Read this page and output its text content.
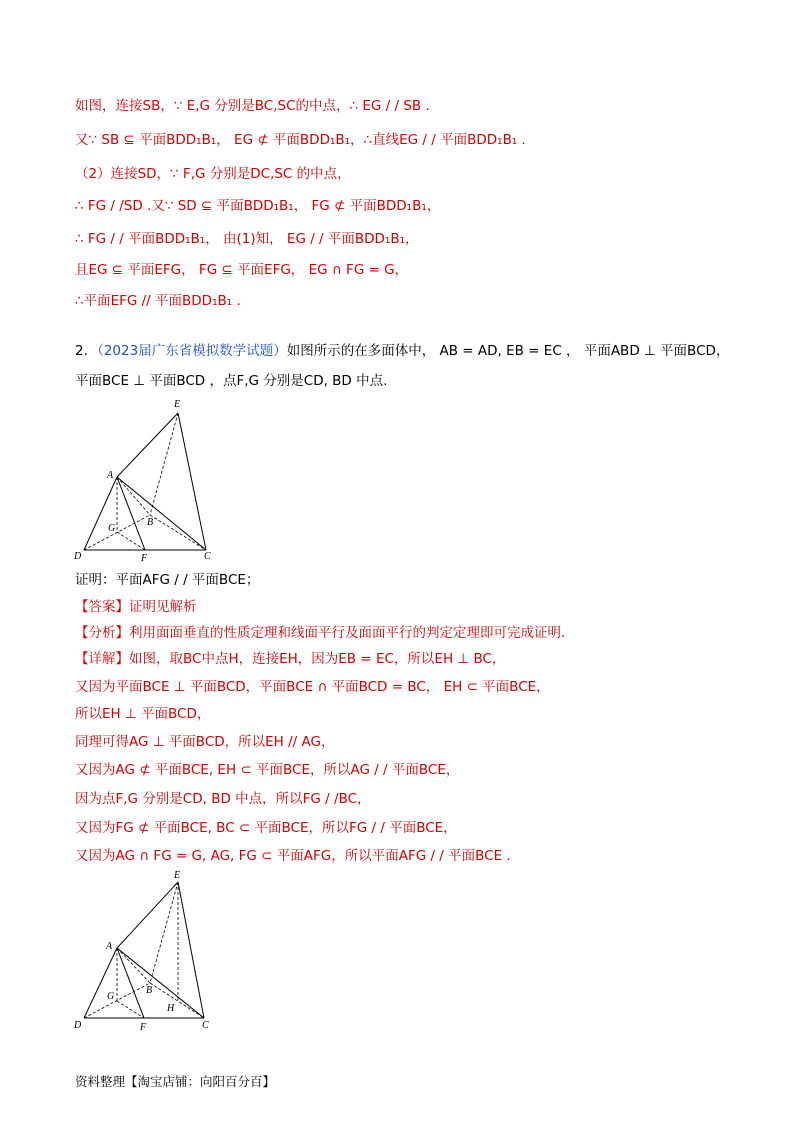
如图，连接SB，∵ E,G 分别是BC,SC的中点，∴ EG / / SB .
又∵ SB ⊆ 平面BDD₁B₁， EG ⊄ 平面BDD₁B₁，∴直线EG / / 平面BDD₁B₁ .
（2）连接SD，∵ F,G 分别是DC,SC 的中点，
∴ FG / /SD .又∵ SD ⊆ 平面BDD₁B₁， FG ⊄ 平面BDD₁B₁，
∴ FG / / 平面BDD₁B₁， 由(1)知， EG / / 平面BDD₁B₁，
且EG ⊆ 平面EFG， FG ⊆ 平面EFG， EG ∩ FG = G，
∴平面EFG // 平面BDD₁B₁ .
2．（2023届广东省模拟数学试题）如图所示的在多面体中， AB = AD, EB = EC ， 平面ABD ⊥ 平面BCD，
平面BCE ⊥ 平面BCD ，点F,G 分别是CD, BD 中点.
E
A
G
B
D	F	C
证明：平面AFG / / 平面BCE；
【答案】证明见解析
【分析】利用面面垂直的性质定理和线面平行及面面平行的判定定理即可完成证明.
【详解】如图，取BC中点H，连接EH，因为EB = EC，所以EH ⊥ BC，
又因为平面BCE ⊥ 平面BCD，平面BCE ∩ 平面BCD = BC， EH ⊂ 平面BCE，
所以EH ⊥ 平面BCD，
同理可得AG ⊥ 平面BCD，所以EH // AG，
又因为AG ⊄ 平面BCE, EH ⊂ 平面BCE，所以AG / / 平面BCE，
因为点F,G 分别是CD, BD 中点，所以FG / /BC，
又因为FG ⊄ 平面BCE, BC ⊂ 平面BCE，所以FG / / 平面BCE，
又因为AG ∩ FG = G, AG, FG ⊂ 平面AFG，所以平面AFG / / 平面BCE .
E
A
G
B
H
D	F	C
资料整理【淘宝店铺：向阳百分百】
